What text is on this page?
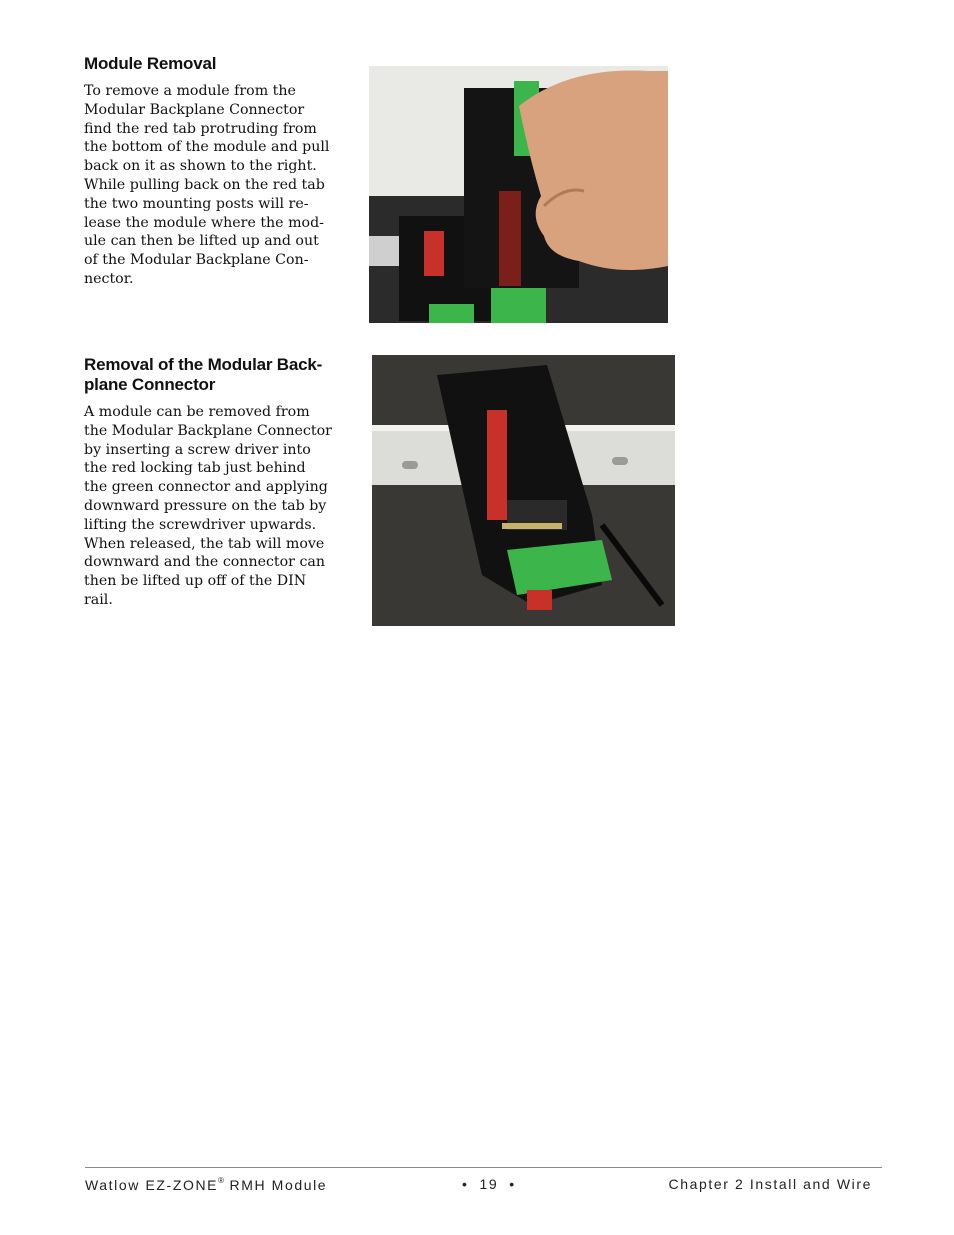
Module Removal
To remove a module from the
Modular Backplane Connector
find the red tab protruding from
the bottom of the module and pull
back on it as shown to the right.
While pulling back on the red tab
the two mounting posts will re-
lease the module where the mod-
ule can then be lifted up and out
of the Modular Backplane Con-
nector.
Removal of the Modular Back-
plane Connector
A module can be removed from
the Modular Backplane Connector
by inserting a screw driver into
the red locking tab just behind
the green connector and applying
downward pressure on the tab by
lifting the screwdriver upwards.
When released, the tab will move
downward and the connector can
then be lifted up off of the DIN
rail.
Watlow EZ-ZONE® RMH Module	•  19  •	Chapter 2 Install and Wire
